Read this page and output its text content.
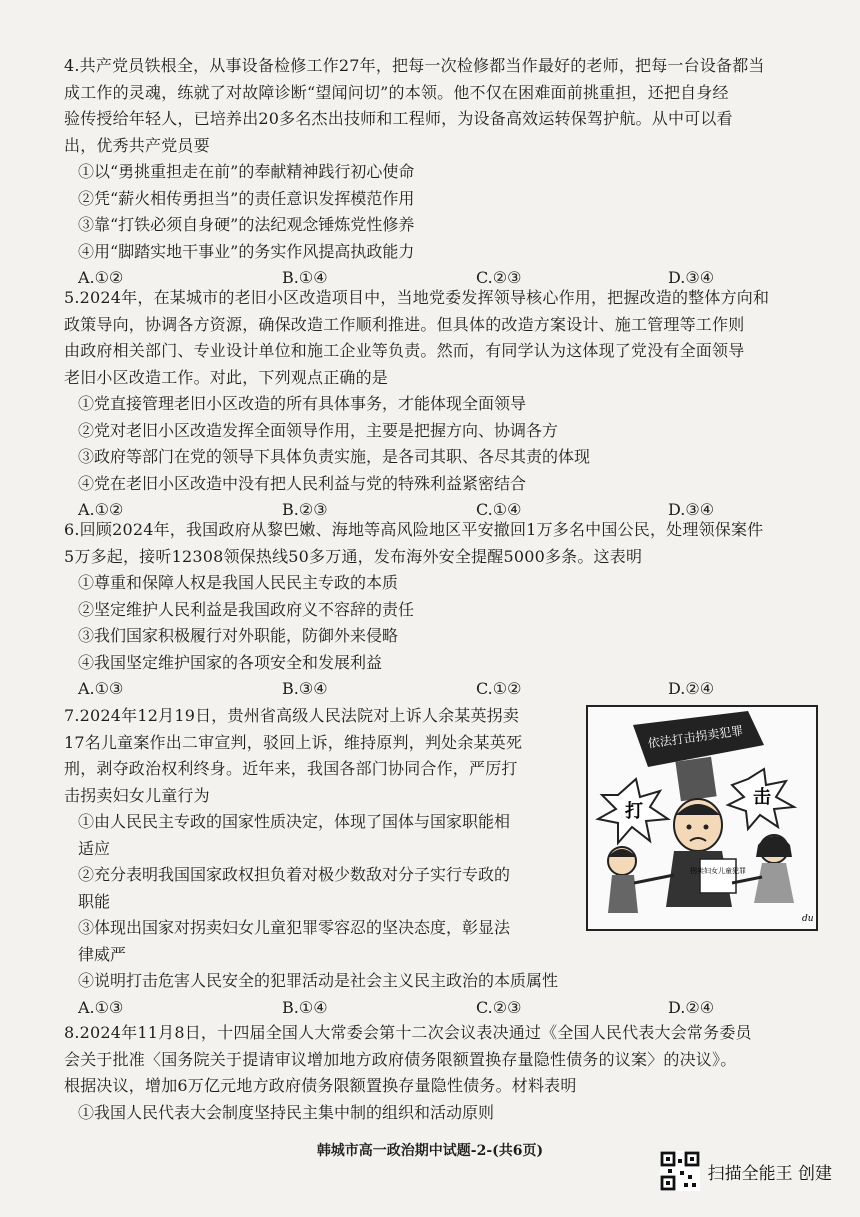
4.共产党员铁根全，从事设备检修工作27年，把每一次检修都当作最好的老师，把每一台设备都当
成工作的灵魂，练就了对故障诊断“望闻问切”的本领。他不仅在困难面前挑重担，还把自身经
验传授给年轻人，已培养出20多名杰出技师和工程师，为设备高效运转保驾护航。从中可以看
出，优秀共产党员要
①以“勇挑重担走在前”的奉献精神践行初心使命
②凭“薪火相传勇担当”的责任意识发挥模范作用
③靠“打铁必须自身硬”的法纪观念锤炼党性修养
④用“脚踏实地干事业”的务实作风提高执政能力
A.①②	B.①④	C.②③	D.③④
5.2024年，在某城市的老旧小区改造项目中，当地党委发挥领导核心作用，把握改造的整体方向和
政策导向，协调各方资源，确保改造工作顺利推进。但具体的改造方案设计、施工管理等工作则
由政府相关部门、专业设计单位和施工企业等负责。然而，有同学认为这体现了党没有全面领导
老旧小区改造工作。对此，下列观点正确的是
①党直接管理老旧小区改造的所有具体事务，才能体现全面领导
②党对老旧小区改造发挥全面领导作用，主要是把握方向、协调各方
③政府等部门在党的领导下具体负责实施，是各司其职、各尽其责的体现
④党在老旧小区改造中没有把人民利益与党的特殊利益紧密结合
A.①②	B.②③	C.①④	D.③④
6.回顾2024年，我国政府从黎巴嫩、海地等高风险地区平安撤回1万多名中国公民，处理领保案件
5万多起，接听12308领保热线50多万通，发布海外安全提醒5000多条。这表明
①尊重和保障人权是我国人民民主专政的本质
②坚定维护人民利益是我国政府义不容辞的责任
③我们国家积极履行对外职能，防御外来侵略
④我国坚定维护国家的各项安全和发展利益
A.①③	B.③④	C.①②	D.②④
7.2024年12月19日，贵州省高级人民法院对上诉人余某英拐卖
17名儿童案作出二审宣判，驳回上诉，维持原判，判处余某英死
刑，剥夺政治权利终身。近年来，我国各部门协同合作，严厉打
击拐卖妇女儿童行为
①由人民民主专政的国家性质决定，体现了国体与国家职能相
适应
②充分表明我国国家政权担负着对极少数敌对分子实行专政的
职能
③体现出国家对拐卖妇女儿童犯罪零容忍的坚决态度，彰显法
律威严
④说明打击危害人民安全的犯罪活动是社会主义民主政治的本质属性
A.①③	B.①④	C.②③	D.②④
依法打击拐卖犯罪
打
击
拐卖妇女儿童犯罪
du
8.2024年11月8日，十四届全国人大常委会第十二次会议表决通过《全国人民代表大会常务委员
会关于批准〈国务院关于提请审议增加地方政府债务限额置换存量隐性债务的议案〉的决议》。
根据决议，增加6万亿元地方政府债务限额置换存量隐性债务。材料表明
①我国人民代表大会制度坚持民主集中制的组织和活动原则
韩城市高一政治期中试题-2-(共6页)
扫描全能王 创建
